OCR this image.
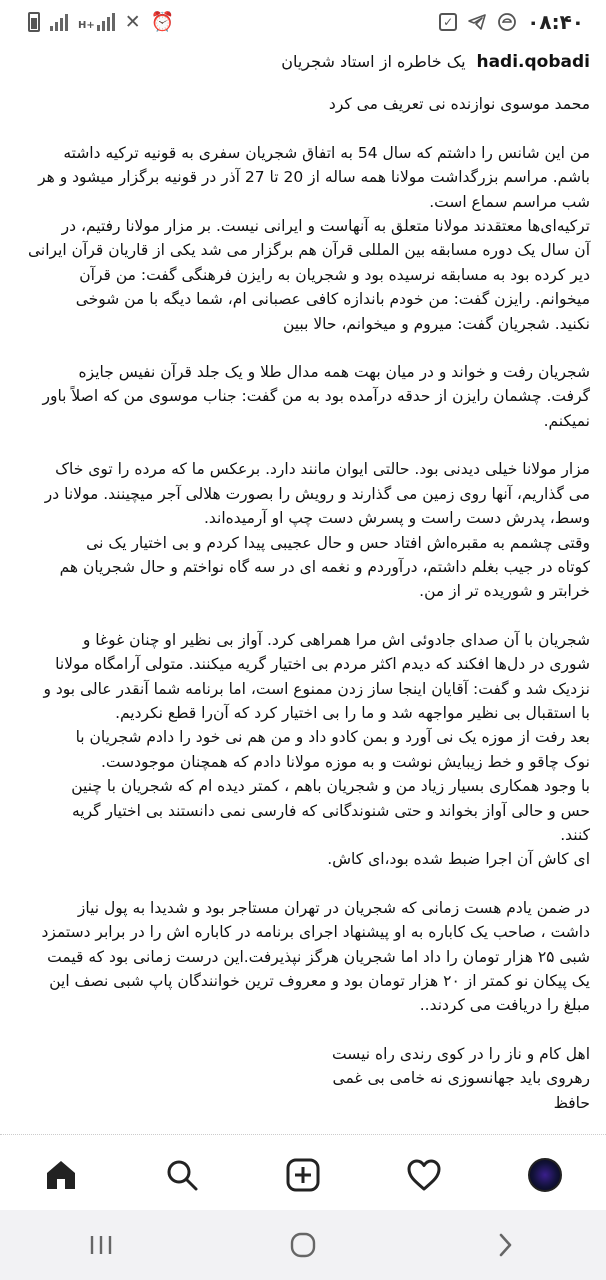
H+ ✕ ⏰	✓	۰۸:۴۰
hadi.qobadi یک خاطره از استاد شجریان

محمد موسوی نوازنده نی تعریف می کرد

من این شانس را داشتم که سال 54 به اتفاق شجریان سفری به قونیه ترکیه داشته

باشم. مراسم بزرگداشت مولانا همه ساله از 20 تا 27 آذر در قونیه برگزار میشود و هر

شب مراسم سماع است.

ترکیه‌ای‌ها معتقدند مولانا متعلق به آنهاست و ایرانی نیست. بر مزار مولانا رفتیم، در

آن سال یک دوره مسابقه بین المللی قرآن هم برگزار می شد یکی از قاریان قرآن ایرانی

دیر کرده بود به مسابقه نرسیده بود و شجریان به رایزن فرهنگی گفت: من قرآن

میخوانم. رایزن گفت: من خودم باندازه کافی عصبانی ام، شما دیگه با من شوخی

نکنید. شجریان گفت: میروم و میخوانم، حالا ببین

شجریان رفت و خواند و در میان بهت همه مدال طلا و یک جلد قرآن نفیس جایزه

گرفت. چشمان رایزن از حدقه درآمده بود به من گفت: جناب موسوی من که اصلاً باور

نمیکنم.

مزار مولانا خیلی دیدنی بود. حالتی ایوان مانند دارد. برعکس ما که مرده را توی خاک

می گذاریم، آنها روی زمین می گذارند و رویش را بصورت هلالی آجر میچینند. مولانا در

وسط، پدرش دست راست و پسرش دست چپ او آرمیده‌اند.

وقتی چشمم به مقبره‌اش افتاد حس و حال عجیبی پیدا کردم و بی اختیار یک نی

کوتاه در جیب بغلم داشتم، درآوردم و نغمه ای در سه گاه نواختم و حال شجریان هم

خرابتر و شوریده تر از من.

شجریان با آن صدای جادوئی اش مرا همراهی کرد. آواز بی نظیر او چنان غوغا و

شوری در دل‌ها افکند که دیدم اکثر مردم بی اختیار گریه میکنند. متولی آرامگاه مولانا

نزدیک شد و گفت: آقایان اینجا ساز زدن ممنوع است، اما برنامه شما آنقدر عالی بود و

با استقبال بی نظیر مواجهه شد و ما را بی اختیار کرد که آن‌را قطع نکردیم.

بعد رفت از موزه یک نی آورد و بمن کادو داد و من هم نی خود را دادم شجریان با

نوک چاقو و خط زیبایش نوشت و به موزه مولانا دادم که همچنان موجودست.

با وجود همکاری بسیار زیاد من و شجریان باهم ، کمتر دیده ام که شجریان با چنین

حس و حالی آواز بخواند و حتی شنوندگانی که فارسی نمی دانستند بی اختیار گریه

کنند.

ای کاش آن اجرا ضبط شده بود،ای کاش.

در ضمن یادم هست زمانی که شجریان در تهران مستاجر بود و شدیدا به پول نیاز

داشت ، صاحب یک کاباره به او پیشنهاد اجرای برنامه در کاباره اش را در برابر دستمزد

شبی ۲۵ هزار تومان را داد اما شجریان هرگز نپذیرفت.این درست زمانی بود که قیمت

یک پیکان نو کمتر از ۲۰ هزار تومان بود و معروف ترین خوانندگان پاپ شبی نصف این

مبلغ را دریافت می کردند..

اهل کام و ناز را در کوی رندی راه نیست

رهروی باید جهانسوزی نه خامی بی غمی

حافظ
